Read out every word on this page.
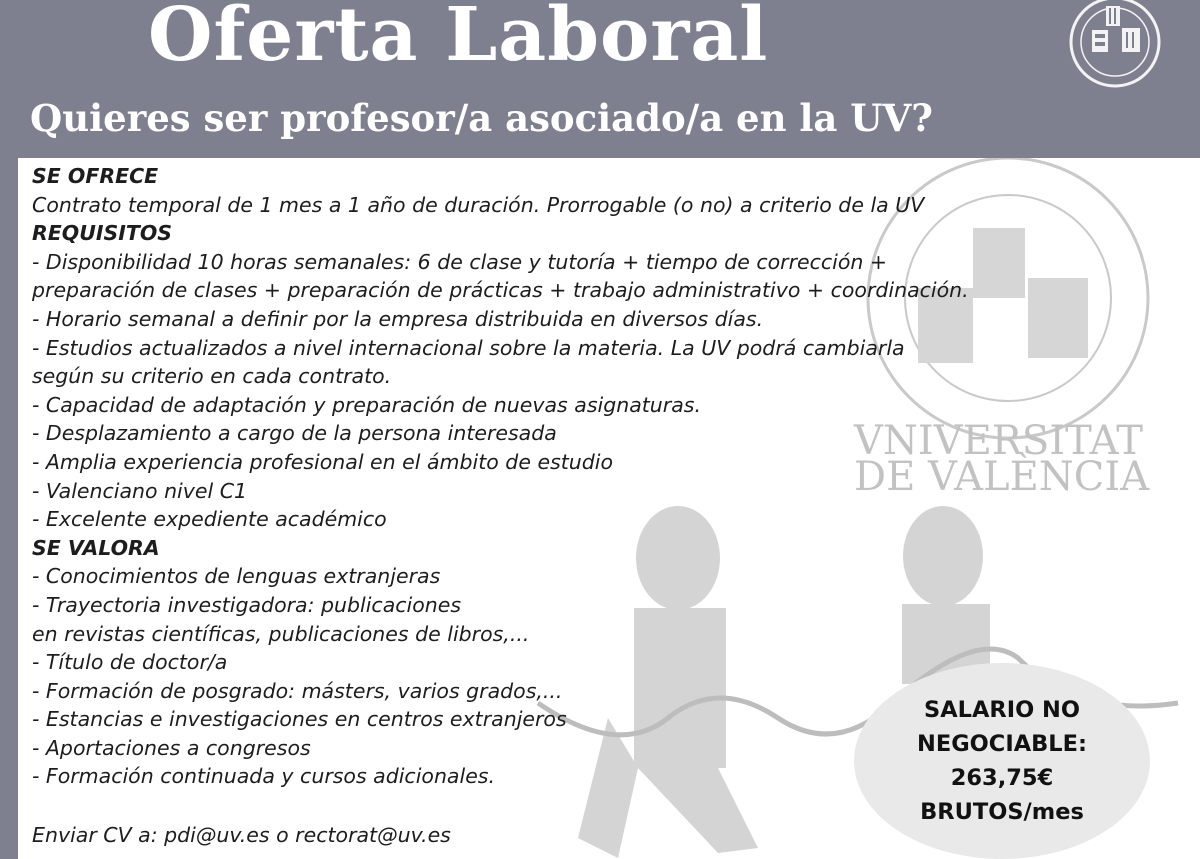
Oferta Laboral
Quieres ser profesor/a asociado/a en la UV?
VNIVERSITAT
DE VALÈNCIA
SE OFRECE
Contrato temporal de 1 mes a 1 año de duración. Prorrogable (o no) a criterio de la UV
REQUISITOS
- Disponibilidad 10 horas semanales: 6 de clase y tutoría + tiempo de corrección +
preparación de clases + preparación de prácticas + trabajo administrativo + coordinación.
- Horario semanal a definir por la empresa distribuida en diversos días.
- Estudios actualizados a nivel internacional sobre la materia. La UV podrá cambiarla
según su criterio en cada contrato.
- Capacidad de adaptación y preparación de nuevas asignaturas.
- Desplazamiento a cargo de la persona interesada
- Amplia experiencia profesional en el ámbito de estudio
- Valenciano nivel C1
- Excelente expediente académico
SE VALORA
- Conocimientos de lenguas extranjeras
- Trayectoria investigadora: publicaciones
en revistas científicas, publicaciones de libros,...
- Título de doctor/a
- Formación de posgrado: másters, varios grados,...
- Estancias e investigaciones en centros extranjeros
- Aportaciones a congresos
- Formación continuada y cursos adicionales.
Enviar CV a: pdi@uv.es o rectorat@uv.es
SALARIO NO
NEGOCIABLE:
263,75€
BRUTOS/mes
